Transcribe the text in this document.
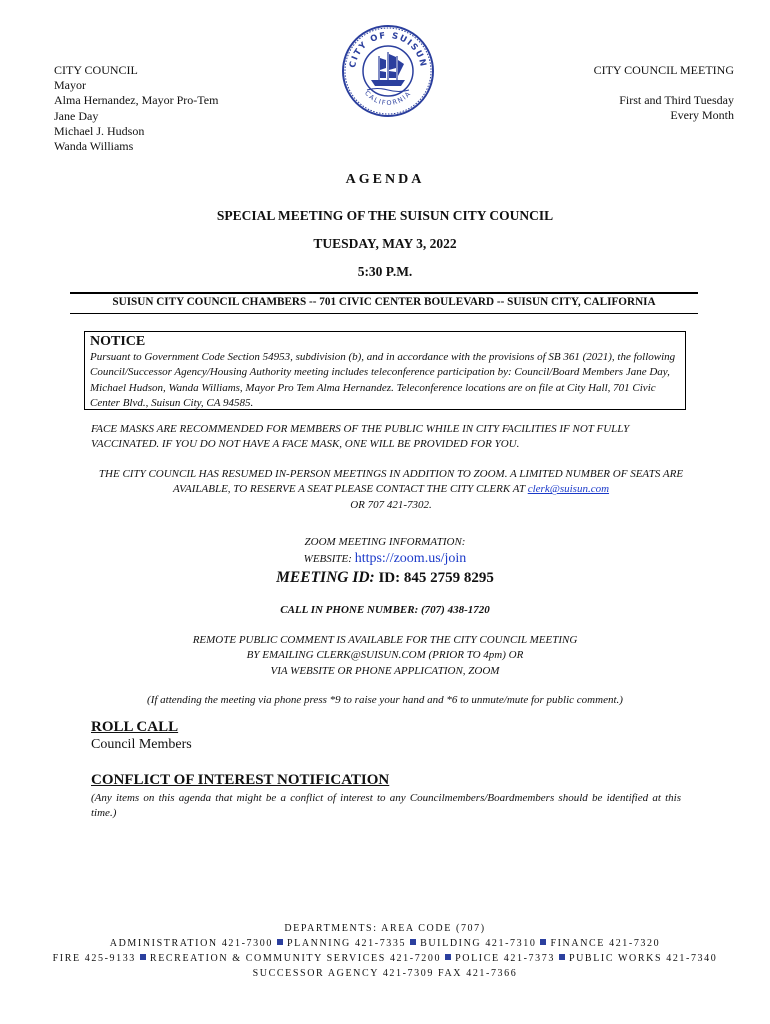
CITY COUNCIL
Mayor
Alma Hernandez, Mayor Pro-Tem
Jane Day
Michael J. Hudson
Wanda Williams
CITY OF SUISUN
CALIFORNIA
CITY COUNCIL MEETING
First and Third Tuesday
Every Month
AGENDA
SPECIAL MEETING OF THE SUISUN CITY COUNCIL
TUESDAY, MAY 3, 2022
5:30 P.M.
SUISUN CITY COUNCIL CHAMBERS -- 701 CIVIC CENTER BOULEVARD -- SUISUN CITY, CALIFORNIA
NOTICE
Pursuant to Government Code Section 54953, subdivision (b), and in accordance with the provisions of SB 361 (2021), the following Council/Successor Agency/Housing Authority meeting includes teleconference participation by: Council/Board Members Jane Day, Michael Hudson, Wanda Williams, Mayor Pro Tem Alma Hernandez. Teleconference locations are on file at City Hall, 701 Civic Center Blvd., Suisun City, CA 94585.
FACE MASKS ARE RECOMMENDED FOR MEMBERS OF THE PUBLIC WHILE IN CITY FACILITIES IF NOT FULLY VACCINATED. IF YOU DO NOT HAVE A FACE MASK, ONE WILL BE PROVIDED FOR YOU.
THE CITY COUNCIL HAS RESUMED IN-PERSON MEETINGS IN ADDITION TO ZOOM. A LIMITED NUMBER OF SEATS ARE AVAILABLE, TO RESERVE A SEAT PLEASE CONTACT THE CITY CLERK AT clerk@suisun.com
OR 707 421-7302.
ZOOM MEETING INFORMATION:
WEBSITE: https://zoom.us/join
MEETING ID: ID: 845 2759 8295
CALL IN PHONE NUMBER: (707) 438-1720
REMOTE PUBLIC COMMENT IS AVAILABLE FOR THE CITY COUNCIL MEETING
BY EMAILING CLERK@SUISUN.COM (PRIOR TO 4pm) OR
VIA WEBSITE OR PHONE APPLICATION, ZOOM
(If attending the meeting via phone press *9 to raise your hand and *6 to unmute/mute for public comment.)
ROLL CALL
Council Members
CONFLICT OF INTEREST NOTIFICATION
(Any items on this agenda that might be a conflict of interest to any Councilmembers/Boardmembers should be identified at this time.)
DEPARTMENTS: AREA CODE (707)
ADMINISTRATION 421-7300 PLANNING 421-7335 BUILDING 421-7310 FINANCE 421-7320
FIRE 425-9133 RECREATION & COMMUNITY SERVICES 421-7200 POLICE 421-7373 PUBLIC WORKS 421-7340
SUCCESSOR AGENCY 421-7309 FAX 421-7366
